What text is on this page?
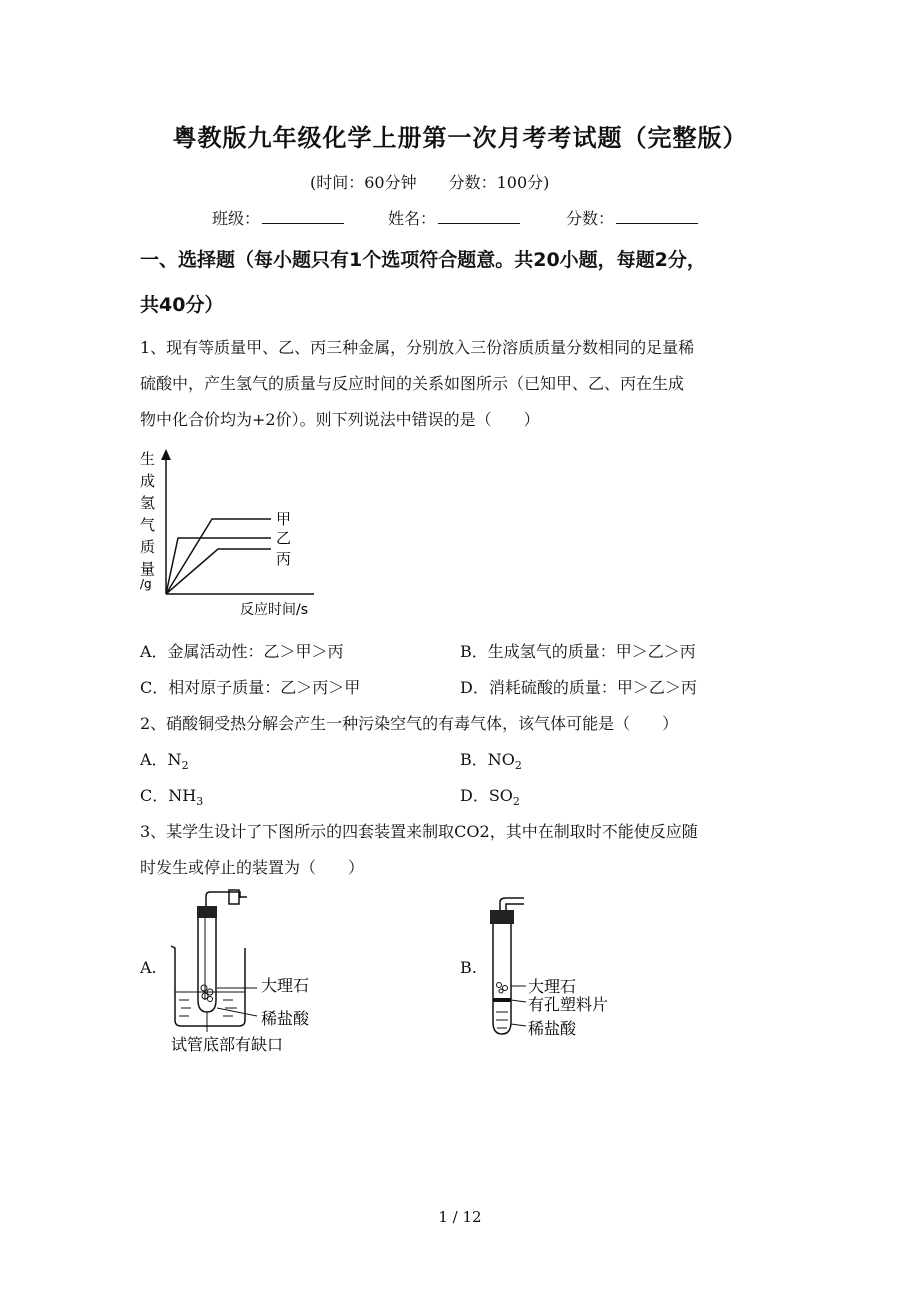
粤教版九年级化学上册第一次月考考试题（完整版）
(时间：60分钟　　分数：100分)
班级：	姓名：	分数：
一、选择题（每小题只有1个选项符合题意。共20小题，每题2分，
共40分）
1、现有等质量甲、乙、丙三种金属，分别放入三份溶质质量分数相同的足量稀
硫酸中，产生氢气的质量与反应时间的关系如图所示（已知甲、乙、丙在生成
物中化合价均为+2价）。则下列说法中错误的是（　　）
生
成
氢
气
质
量
/g
甲
乙
丙
反应时间/s
A．金属活动性：乙＞甲＞丙	B．生成氢气的质量：甲＞乙＞丙
C．相对原子质量：乙＞丙＞甲	D．消耗硫酸的质量：甲＞乙＞丙
2、硝酸铜受热分解会产生一种污染空气的有毒气体，该气体可能是（　　）
A．$N_2$	B．$NO_2$
C．$NH_3$	D．$SO_2$
3、某学生设计了下图所示的四套装置来制取CO2，其中在制取时不能使反应随
时发生或停止的装置为（　　）
A.
大理石
稀盐酸
试管底部有缺口
B.
大理石
有孔塑料片
稀盐酸
1 / 12
